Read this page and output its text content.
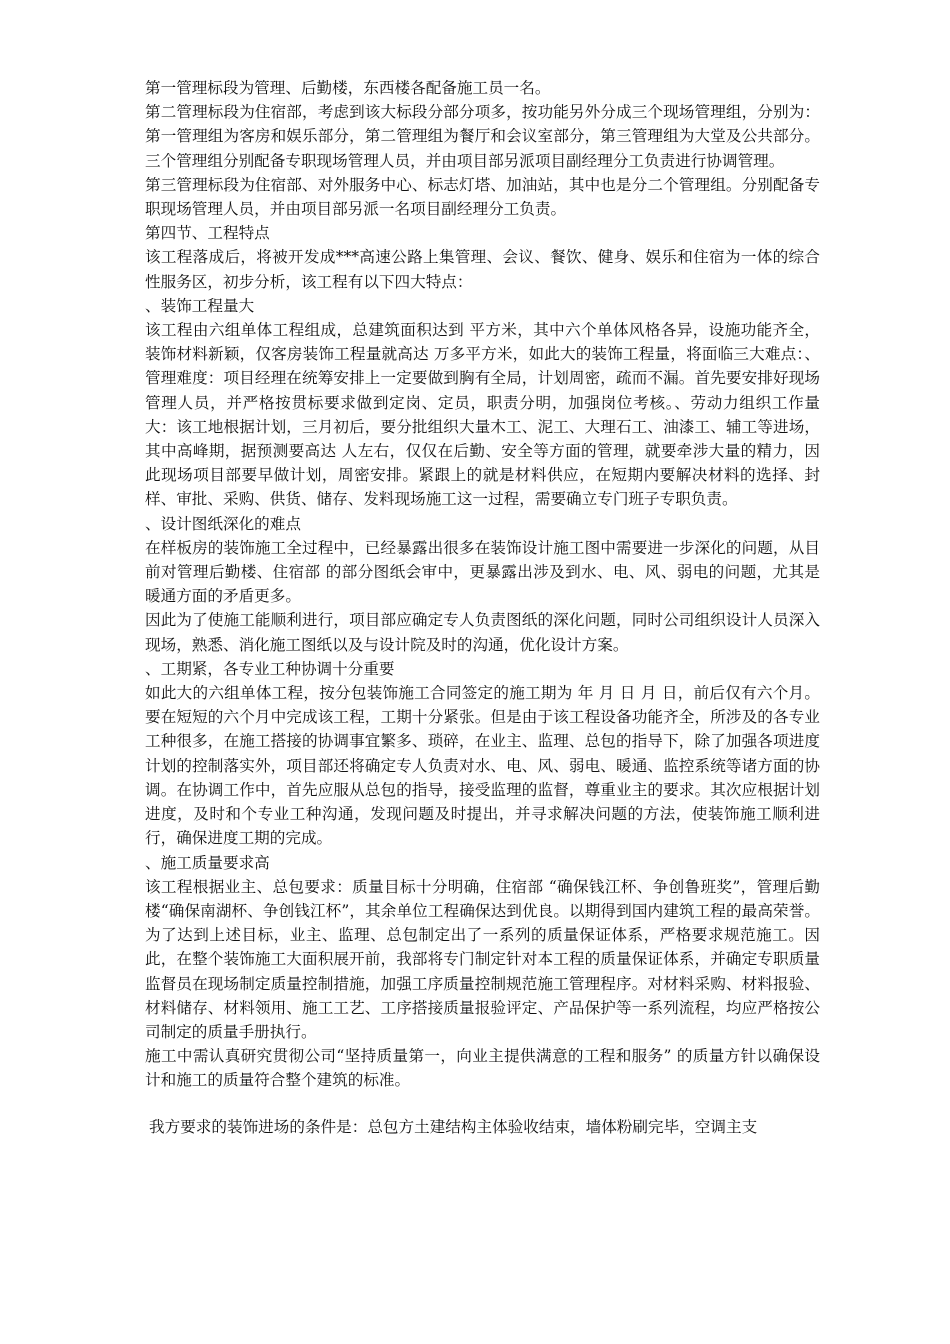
第一管理标段为管理、后勤楼，东西楼各配备施工员一名。

第二管理标段为住宿部，考虑到该大标段分部分项多，按功能另外分成三个现场管理组，分别为：第一管理组为客房和娱乐部分，第二管理组为餐厅和会议室部分，第三管理组为大堂及公共部分。三个管理组分别配备专职现场管理人员，并由项目部另派项目副经理分工负责进行协调管理。

第三管理标段为住宿部、对外服务中心、标志灯塔、加油站，其中也是分二个管理组。分别配备专职现场管理人员，并由项目部另派一名项目副经理分工负责。

第四节、工程特点

该工程落成后，将被开发成***高速公路上集管理、会议、餐饮、健身、娱乐和住宿为一体的综合性服务区，初步分析，该工程有以下四大特点：

、装饰工程量大

该工程由六组单体工程组成，总建筑面积达到 平方米，其中六个单体风格各异，设施功能齐全，装饰材料新颖，仅客房装饰工程量就高达 万多平方米，如此大的装饰工程量，将面临三大难点：、管理难度：项目经理在统筹安排上一定要做到胸有全局，计划周密，疏而不漏。首先要安排好现场管理人员，并严格按贯标要求做到定岗、定员，职责分明，加强岗位考核。、劳动力组织工作量大：该工地根据计划，三月初后，要分批组织大量木工、泥工、大理石工、油漆工、辅工等进场，其中高峰期，据预测要高达 人左右，仅仅在后勤、安全等方面的管理，就要牵涉大量的精力，因此现场项目部要早做计划，周密安排。紧跟上的就是材料供应，在短期内要解决材料的选择、封样、审批、采购、供货、储存、发料现场施工这一过程，需要确立专门班子专职负责。

、设计图纸深化的难点

在样板房的装饰施工全过程中，已经暴露出很多在装饰设计施工图中需要进一步深化的问题，从目前对管理后勤楼、住宿部 的部分图纸会审中，更暴露出涉及到水、电、风、弱电的问题，尤其是暖通方面的矛盾更多。

因此为了使施工能顺利进行，项目部应确定专人负责图纸的深化问题，同时公司组织设计人员深入现场，熟悉、消化施工图纸以及与设计院及时的沟通，优化设计方案。

、工期紧，各专业工种协调十分重要

如此大的六组单体工程，按分包装饰施工合同签定的施工期为 年 月 日 月 日，前后仅有六个月。要在短短的六个月中完成该工程，工期十分紧张。但是由于该工程设备功能齐全，所涉及的各专业工种很多，在施工搭接的协调事宜繁多、琐碎，在业主、监理、总包的指导下，除了加强各项进度计划的控制落实外，项目部还将确定专人负责对水、电、风、弱电、暖通、监控系统等诸方面的协调。在协调工作中，首先应服从总包的指导，接受监理的监督，尊重业主的要求。其次应根据计划进度，及时和个专业工种沟通，发现问题及时提出，并寻求解决问题的方法，使装饰施工顺利进行，确保进度工期的完成。

、施工质量要求高

该工程根据业主、总包要求：质量目标十分明确，住宿部 “确保钱江杯、争创鲁班奖”，管理后勤楼“确保南湖杯、争创钱江杯”，其余单位工程确保达到优良。以期得到国内建筑工程的最高荣誉。为了达到上述目标，业主、监理、总包制定出了一系列的质量保证体系，严格要求规范施工。因此，在整个装饰施工大面积展开前，我部将专门制定针对本工程的质量保证体系，并确定专职质量监督员在现场制定质量控制措施，加强工序质量控制规范施工管理程序。对材料采购、材料报验、材料储存、材料领用、施工工艺、工序搭接质量报验评定、产品保护等一系列流程，均应严格按公司制定的质量手册执行。

施工中需认真研究贯彻公司“坚持质量第一，向业主提供满意的工程和服务” 的质量方针以确保设计和施工的质量符合整个建筑的标准。

我方要求的装饰进场的条件是：总包方土建结构主体验收结束，墙体粉刷完毕，空调主支
